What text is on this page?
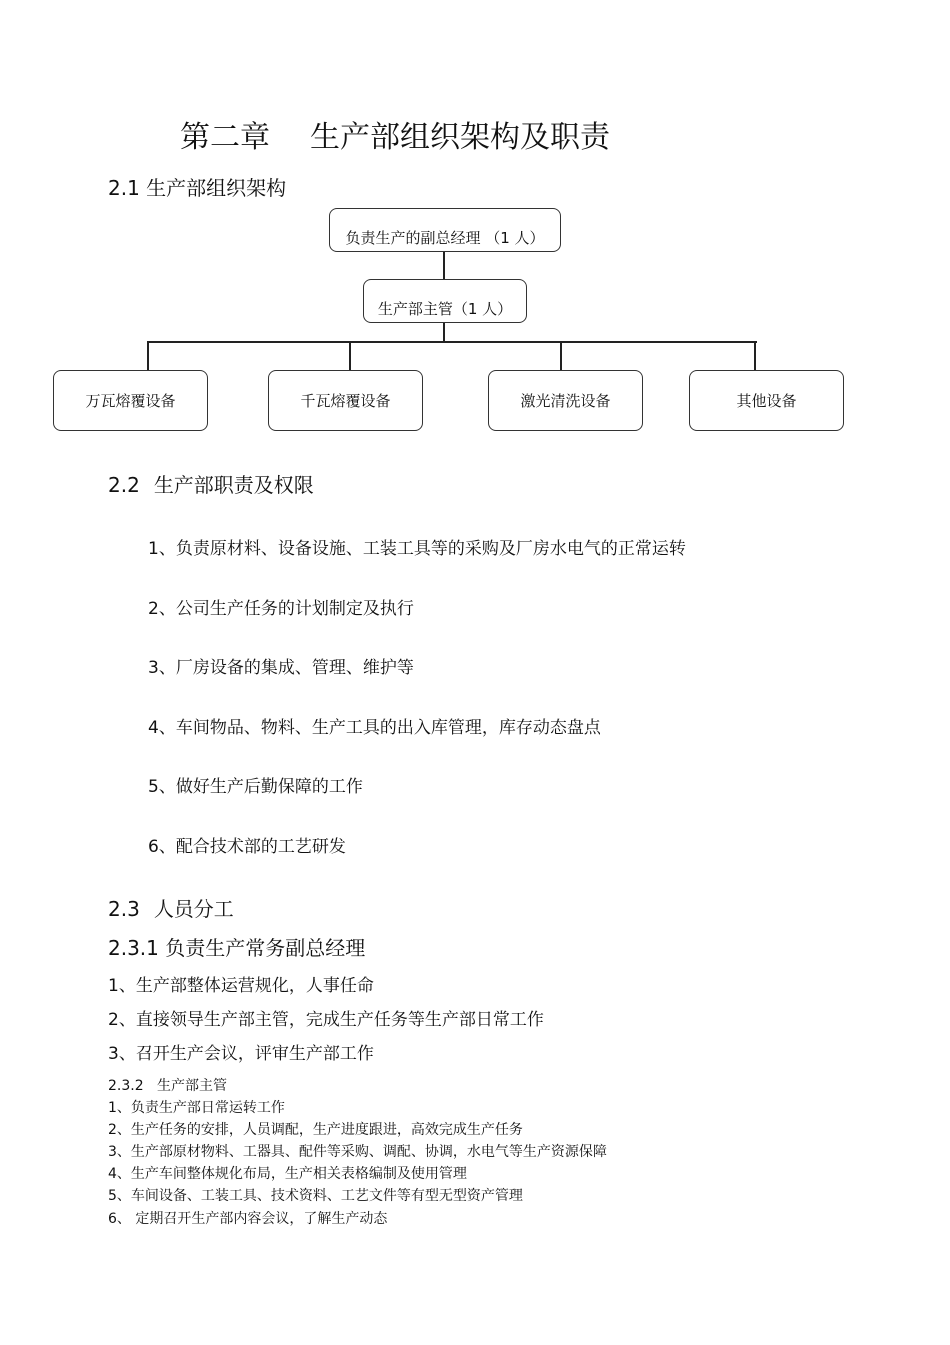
第二章 生产部组织架构及职责
2.1 生产部组织架构
负责生产的副总经理 （1 人）
生产部主管（1 人）
万瓦熔覆设备	千瓦熔覆设备	激光清洗设备	其他设备
2.2 生产部职责及权限
1、负责原材料、设备设施、工装工具等的采购及厂房水电气的正常运转
2、公司生产任务的计划制定及执行
3、厂房设备的集成、管理、维护等
4、车间物品、物料、生产工具的出入库管理，库存动态盘点
5、做好生产后勤保障的工作
6、配合技术部的工艺研发
2.3 人员分工
2.3.1 负责生产常务副总经理
1、生产部整体运营规化，人事任命
2、直接领导生产部主管，完成生产任务等生产部日常工作
3、召开生产会议，评审生产部工作
2.3.2   生产部主管
1、负责生产部日常运转工作
2、生产任务的安排，人员调配，生产进度跟进，高效完成生产任务
3、生产部原材物料、工器具、配件等采购、调配、协调，水电气等生产资源保障
4、生产车间整体规化布局，生产相关表格编制及使用管理
5、车间设备、工装工具、技术资料、工艺文件等有型无型资产管理
6、 定期召开生产部内容会议，了解生产动态
